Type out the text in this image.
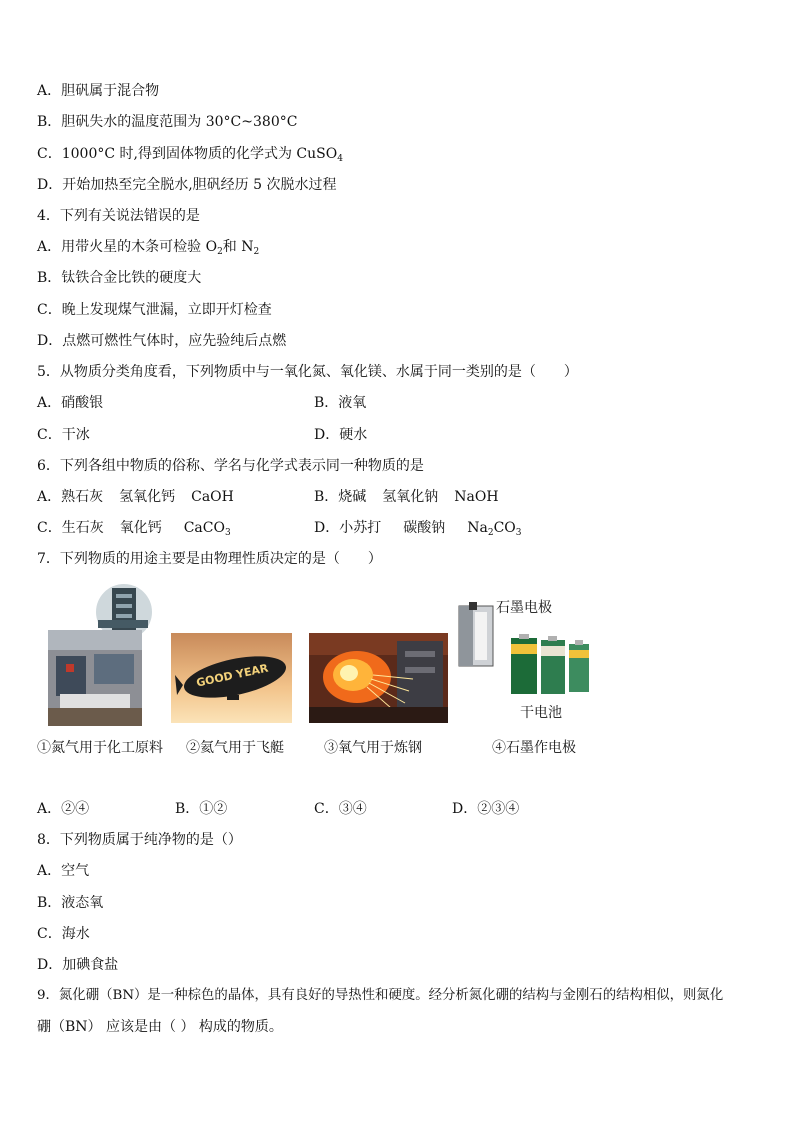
A．胆矾属于混合物
B．胆矾失水的温度范围为 30°C~380°C
C．1000°C 时,得到固体物质的化学式为 CuSO$_4$
D．开始加热至完全脱水,胆矾经历 5 次脱水过程
4．下列有关说法错误的是
A．用带火星的木条可检验 $O_2$和 $N_2$
B．钛铁合金比铁的硬度大
C．晚上发现煤气泄漏，立即开灯检查
D．点燃可燃性气体时，应先验纯后点燃
5．从物质分类角度看，下列物质中与一氧化氮、氧化镁、水属于同一类别的是（　　）
A．硝酸银	B．液氧
C．干冰	D．硬水
6．下列各组中物质的俗称、学名与化学式表示同一种物质的是
A．熟石灰 氢氧化钙 CaOH	B．烧碱 氢氧化钠 NaOH
C．生石灰 氧化钙 CaCO$_3$	D．小苏打 碳酸钠 $Na_2CO_3$
7．下列物质的用途主要是由物理性质决定的是（　　）
GOOD YEAR
石墨电极
干电池
①氮气用于化工原料 ②氦气用于飞艇	③氧气用于炼钢	④石墨作电极
A．②④	B．①②	C．③④	D．②③④
8．下列物质属于纯净物的是（）
A．空气
B．液态氧
C．海水
D．加碘食盐
9．氮化硼（BN）是一种棕色的晶体，具有良好的导热性和硬度。经分析氮化硼的结构与金刚石的结构相似，则氮化
硼（BN） 应该是由（ ） 构成的物质。
